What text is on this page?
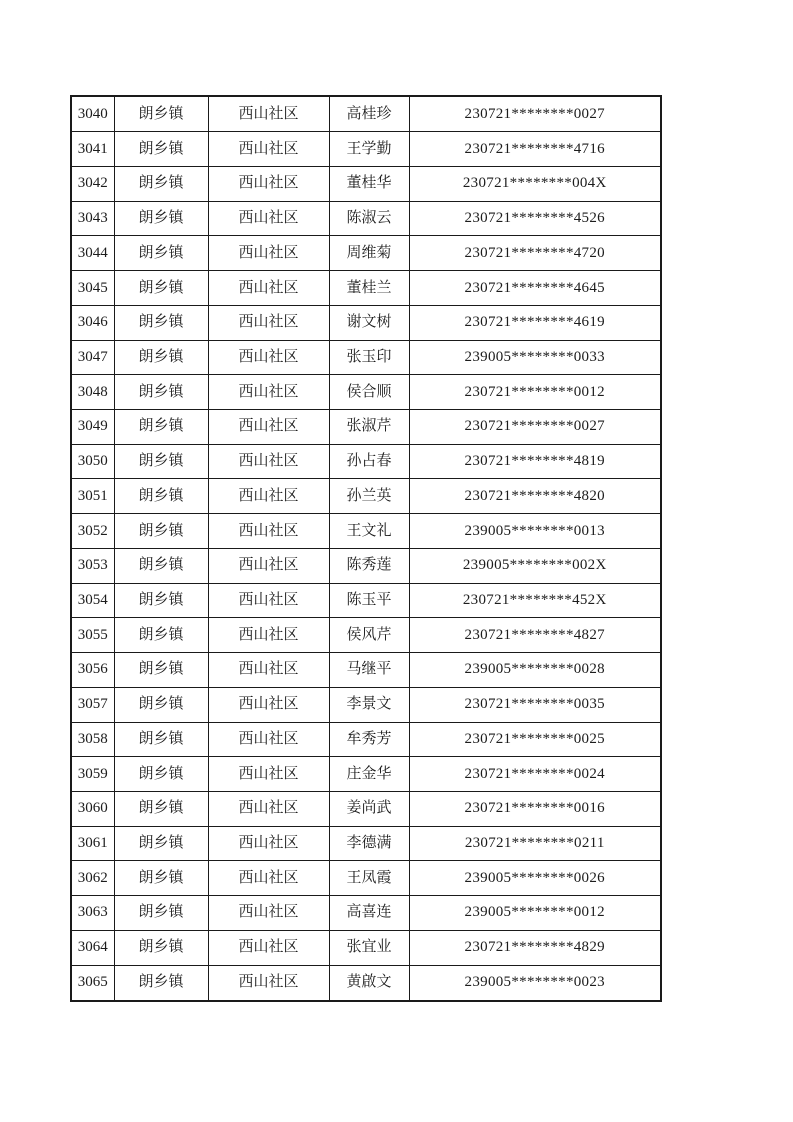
3040	朗乡镇	西山社区	高桂珍	230721********0027
3041	朗乡镇	西山社区	王学勤	230721********4716
3042	朗乡镇	西山社区	董桂华	230721********004X
3043	朗乡镇	西山社区	陈淑云	230721********4526
3044	朗乡镇	西山社区	周维菊	230721********4720
3045	朗乡镇	西山社区	董桂兰	230721********4645
3046	朗乡镇	西山社区	谢文树	230721********4619
3047	朗乡镇	西山社区	张玉印	239005********0033
3048	朗乡镇	西山社区	侯合顺	230721********0012
3049	朗乡镇	西山社区	张淑芹	230721********0027
3050	朗乡镇	西山社区	孙占春	230721********4819
3051	朗乡镇	西山社区	孙兰英	230721********4820
3052	朗乡镇	西山社区	王文礼	239005********0013
3053	朗乡镇	西山社区	陈秀莲	239005********002X
3054	朗乡镇	西山社区	陈玉平	230721********452X
3055	朗乡镇	西山社区	侯风芹	230721********4827
3056	朗乡镇	西山社区	马继平	239005********0028
3057	朗乡镇	西山社区	李景文	230721********0035
3058	朗乡镇	西山社区	牟秀芳	230721********0025
3059	朗乡镇	西山社区	庄金华	230721********0024
3060	朗乡镇	西山社区	姜尚武	230721********0016
3061	朗乡镇	西山社区	李德满	230721********0211
3062	朗乡镇	西山社区	王凤霞	239005********0026
3063	朗乡镇	西山社区	高喜连	239005********0012
3064	朗乡镇	西山社区	张宜业	230721********4829
3065	朗乡镇	西山社区	黄啟文	239005********0023
